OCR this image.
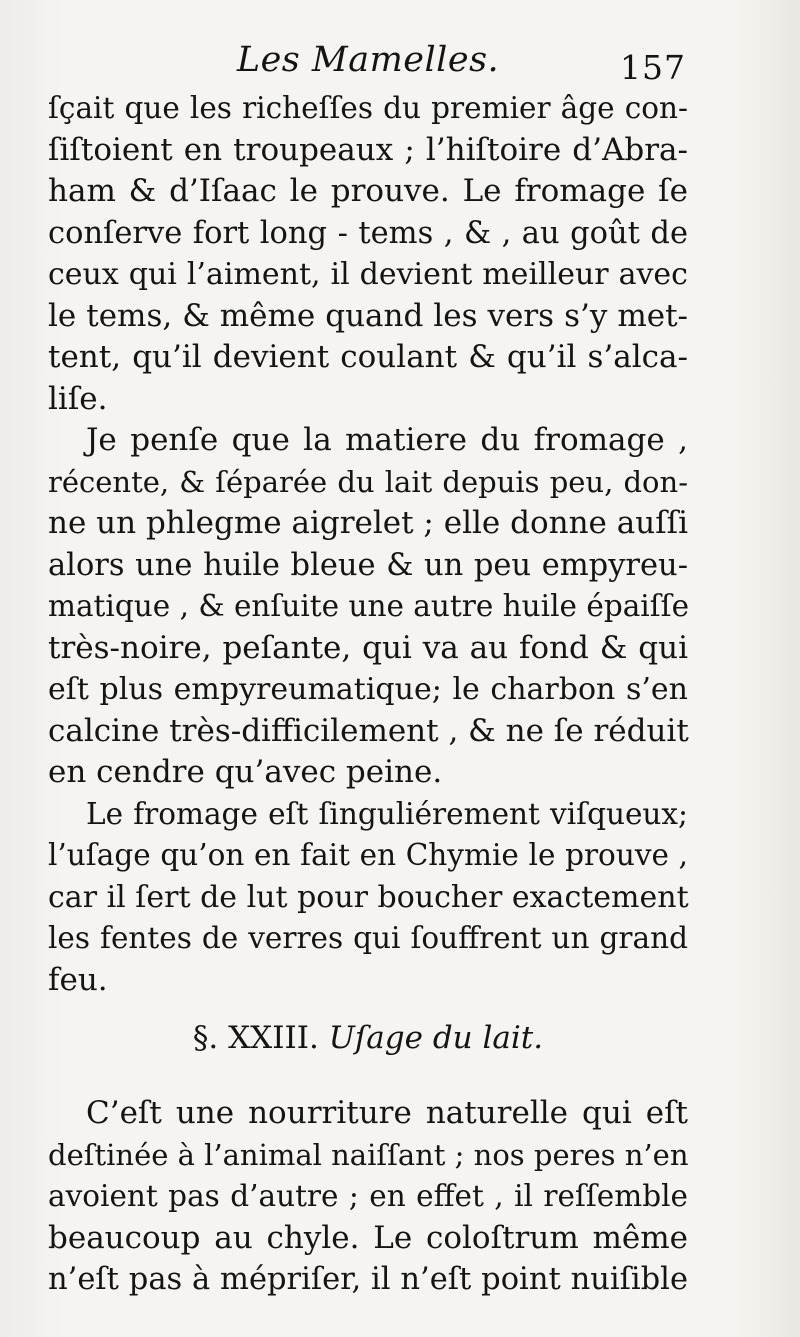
Les Mamelles.	157
ſçait que les richeſſes du premier âge con-
ſiſtoient en troupeaux ; l’hiſtoire d’Abra-
ham & d’Iſaac le prouve. Le fromage ſe
conſerve fort long - tems , & , au goût de
ceux qui l’aiment, il devient meilleur avec
le tems, & même quand les vers s’y met-
tent, qu’il devient coulant & qu’il s’alca-
liſe.
Je penſe que la matiere du fromage ,
récente, & ſéparée du lait depuis peu, don-
ne un phlegme aigrelet ; elle donne auſſi
alors une huile bleue & un peu empyreu-
matique , & enſuite une autre huile épaiſſe
très-noire, peſante, qui va au fond & qui
eſt plus empyreumatique; le charbon s’en
calcine très-difficilement , & ne ſe réduit
en cendre qu’avec peine.
Le fromage eſt ſinguliérement viſqueux;
l’uſage qu’on en fait en Chymie le prouve ,
car il ſert de lut pour boucher exactement
les fentes de verres qui ſouffrent un grand
feu.
§. XXIII. Uſage du lait.
C’eſt une nourriture naturelle qui eſt
deſtinée à l’animal naiſſant ; nos peres n’en
avoient pas d’autre ; en effet , il reſſemble
beaucoup au chyle. Le coloſtrum même
n’eſt pas à mépriſer, il n’eſt point nuiſible
